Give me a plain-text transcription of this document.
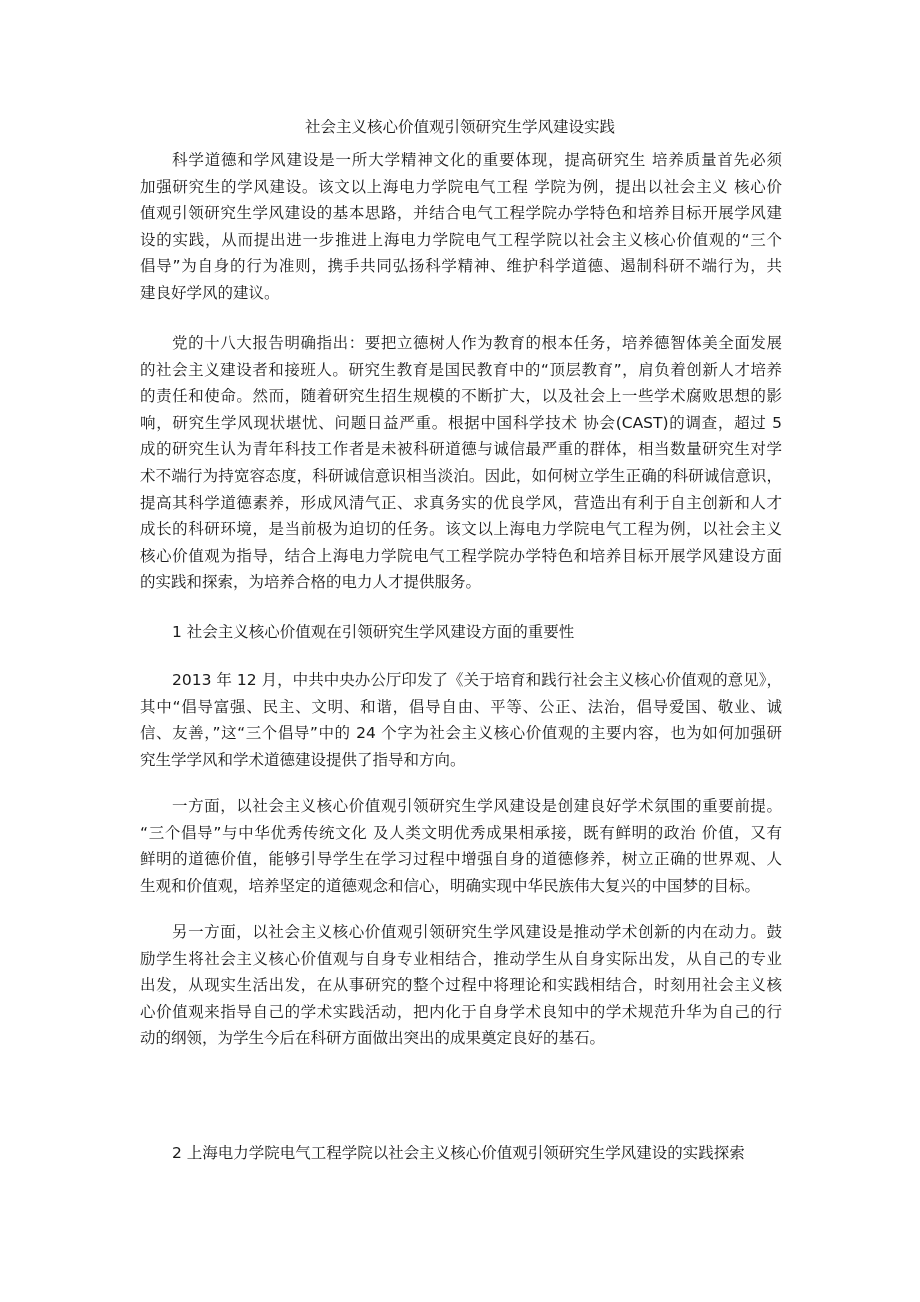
社会主义核心价值观引领研究生学风建设实践
科学道德和学风建设是一所大学精神文化的重要体现，提高研究生 培养质量首先必须
加强研究生的学风建设。该文以上海电力学院电气工程 学院为例，提出以社会主义 核心价
值观引领研究生学风建设的基本思路，并结合电气工程学院办学特色和培养目标开展学风建
设的实践，从而提出进一步推进上海电力学院电气工程学院以社会主义核心价值观的“三个
倡导”为自身的行为准则，携手共同弘扬科学精神、维护科学道德、遏制科研不端行为，共
建良好学风的建议。
党的十八大报告明确指出：要把立德树人作为教育的根本任务，培养德智体美全面发展
的社会主义建设者和接班人。研究生教育是国民教育中的“顶层教育”，肩负着创新人才培养
的责任和使命。然而，随着研究生招生规模的不断扩大，以及社会上一些学术腐败思想的影
响，研究生学风现状堪忧、问题日益严重。根据中国科学技术 协会(CAST)的调查，超过 5
成的研究生认为青年科技工作者是未被科研道德与诚信最严重的群体，相当数量研究生对学
术不端行为持宽容态度，科研诚信意识相当淡泊。因此，如何树立学生正确的科研诚信意识，
提高其科学道德素养，形成风清气正、求真务实的优良学风，营造出有利于自主创新和人才
成长的科研环境，是当前极为迫切的任务。该文以上海电力学院电气工程为例，以社会主义
核心价值观为指导，结合上海电力学院电气工程学院办学特色和培养目标开展学风建设方面
的实践和探索，为培养合格的电力人才提供服务。
1 社会主义核心价值观在引领研究生学风建设方面的重要性
2013 年 12 月，中共中央办公厅印发了《关于培育和践行社会主义核心价值观的意见》，
其中“倡导富强、民主、文明、和谐，倡导自由、平等、公正、法治，倡导爱国、敬业、诚
信、友善，”这“三个倡导”中的 24 个字为社会主义核心价值观的主要内容，也为如何加强研
究生学学风和学术道德建设提供了指导和方向。
一方面，以社会主义核心价值观引领研究生学风建设是创建良好学术氛围的重要前提。
“三个倡导”与中华优秀传统文化 及人类文明优秀成果相承接，既有鲜明的政治 价值，又有
鲜明的道德价值，能够引导学生在学习过程中增强自身的道德修养，树立正确的世界观、人
生观和价值观，培养坚定的道德观念和信心，明确实现中华民族伟大复兴的中国梦的目标。
另一方面，以社会主义核心价值观引领研究生学风建设是推动学术创新的内在动力。鼓
励学生将社会主义核心价值观与自身专业相结合，推动学生从自身实际出发，从自己的专业
出发，从现实生活出发，在从事研究的整个过程中将理论和实践相结合，时刻用社会主义核
心价值观来指导自己的学术实践活动，把内化于自身学术良知中的学术规范升华为自己的行
动的纲领，为学生今后在科研方面做出突出的成果奠定良好的基石。
2 上海电力学院电气工程学院以社会主义核心价值观引领研究生学风建设的实践探索
